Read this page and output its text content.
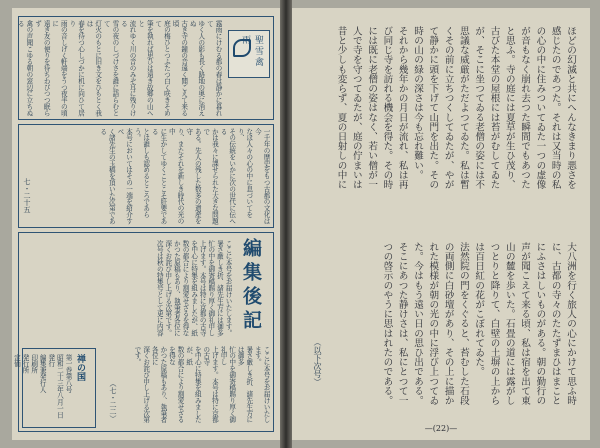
聖雪禽雨
霧雨にけむる都の春は静かに暮れて
ゆく人の影も長く路地の奥に消えぬ
古き寺の鐘の音遠く聞こえて来る頃
庭の梅ひとつふたつ白く咲きそめて
筆を執れば思ひは遠き故郷の山へと
流れゆく川の音のみぞ耳に残りける
雪の夜のしづけさを誰に語らむとて
灯火のもとに旧き文をひもとく我は
春を待つ心しづかに机に向ひて居り
雨の音しげく軒端をうつ夜半の頃に
遠き友の便りを待ちわびつつ眠らず
禽の声聞こゆる朝の窓辺に立ちぬる
一千年の歴史をもつ古都の文化は今
なほ人々の心の中に息づいてをり、
その伝統をいかに次の世代に伝へる
かは我々に課せられた大きな問題で
ある。先人の残した数多の遺産を守
り、またそれを新しき時代の光の中
に生かしてゆくことこそ肝要である
とは誰しも認めるところであらう。
本号においてはその一端を紹介すべ
く諸先生の玉稿を頂いた次第である
七・二十五
編集後記
ここに本号をお届けいたします。
暑さ厳しき折、諸先生方には御多
忙の中を御寄稿賜り厚く御礼申し
上げます。本号は特に京都の古寺
を中心に特集を組みましたが、紙
数の都合により割愛せざるを得な
かつた原稿もあり、執筆者各位に
深くお詫び申し上げる次第です。
次号は秋の特集号として更に内容
ここに本号をお届けいたします。
暑さ厳しき折、諸先生方には御多
忙の中を御寄稿賜り厚く御礼申し
上げます。本号は特に京都の古寺
を中心に特集を組みましたが、紙
数の都合により割愛せざるを得な
かつた原稿もあり、執筆者各位に
深くお詫び申し上げる次第です。
（七・二二）
禅の国
第一巻第八号
昭和二十三年八月一日発行
編集兼発行人
印刷所
発行所
定価
ほどの幻滅と共にへんなきまり悪さを
感じたのであつた。それは又当時の私
の心の中に住みついてゐた一つの虚像
が音もなく崩れ去つた瞬間でもあつた
と思ふ。寺の庭には夏草が生ひ茂り、
古びた本堂の屋根には苔がむしてゐた
が、そこに坐つてゐる老僧の姿には不
思議な威厳がただよつてゐた。私は暫
くその前に立ちつくしてゐたが、やが
て静かに頭を下げて山門を出た。その
時の山の緑の深さは今も忘れ難い。
それから幾年かの月日が流れ、私は再
び同じ寺を訪れる機会を得た。その時
には既に老僧の姿はなく、若い僧が一
人で寺を守つてゐたが、庭の佇まいは
昔と少しも変らず、夏の日射しの中に
大八洲を行く旅人の心にかけて思ふ時
に、古都の寺々のたたずまひはまこと
にふさはしいものがある。朝の勤行の
声が聞こえて来る頃、私は宿を出て東
山の麓を歩いた。石畳の道には露がし
つとりと降りて、白壁の土塀の上から
は百日紅の花がこぼれてゐた。
法然院の門をくぐると、苔むした石段
の両側に白砂壇があり、その上に描か
れた模様が朝の光の中に浮び上つてゐ
た。今はもう遠い日の思ひ出である。
そこにあつた静けさは、私にとつて一
つの啓示のやうに思はれたのである。
（以下次号）
—(22)—
